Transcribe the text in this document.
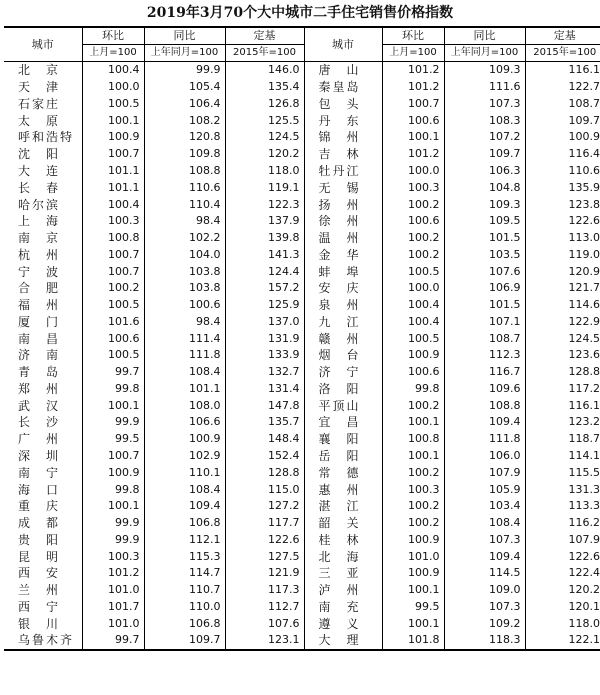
2019年3月70个大中城市二手住宅销售价格指数
城市	环比	同比	定基	城市	环比	同比	定基
	上月=100	上年同月=100	2015年=100		上月=100	上年同月=100	2015年=100
北　京	100.4	99.9	146.0	唐　山	101.2	109.3	116.1
天　津	100.0	105.4	135.4	秦皇岛	101.2	111.6	122.7
石家庄	100.5	106.4	126.8	包　头	100.7	107.3	108.7
太　原	100.1	108.2	125.5	丹　东	100.6	108.3	109.7
呼和浩特	100.9	120.8	124.5	锦　州	100.1	107.2	100.9
沈　阳	100.7	109.8	120.2	吉　林	101.2	109.7	116.4
大　连	101.1	108.8	118.0	牡丹江	100.0	106.3	110.6
长　春	101.1	110.6	119.1	无　锡	100.3	104.8	135.9
哈尔滨	100.4	110.4	122.3	扬　州	100.2	109.3	123.8
上　海	100.3	98.4	137.9	徐　州	100.6	109.5	122.6
南　京	100.8	102.2	139.8	温　州	100.2	101.5	113.0
杭　州	100.7	104.0	141.3	金　华	100.2	103.5	119.0
宁　波	100.7	103.8	124.4	蚌　埠	100.5	107.6	120.9
合　肥	100.2	103.8	157.2	安　庆	100.0	106.9	121.7
福　州	100.5	100.6	125.9	泉　州	100.4	101.5	114.6
厦　门	101.6	98.4	137.0	九　江	100.4	107.1	122.9
南　昌	100.6	111.4	131.9	赣　州	100.5	108.7	124.5
济　南	100.5	111.8	133.9	烟　台	100.9	112.3	123.6
青　岛	99.7	108.4	132.7	济　宁	100.6	116.7	128.8
郑　州	99.8	101.1	131.4	洛　阳	99.8	109.6	117.2
武　汉	100.1	108.0	147.8	平顶山	100.2	108.8	116.1
长　沙	99.9	106.6	135.7	宜　昌	100.1	109.4	123.2
广　州	99.5	100.9	148.4	襄　阳	100.8	111.8	118.7
深　圳	100.7	102.9	152.4	岳　阳	100.1	106.0	114.1
南　宁	100.9	110.1	128.8	常　德	100.2	107.9	115.5
海　口	99.8	108.4	115.0	惠　州	100.3	105.9	131.3
重　庆	100.1	109.4	127.2	湛　江	100.2	103.4	113.3
成　都	99.9	106.8	117.7	韶　关	100.2	108.4	116.2
贵　阳	99.9	112.1	122.6	桂　林	100.9	107.3	107.9
昆　明	100.3	115.3	127.5	北　海	101.0	109.4	122.6
西　安	101.2	114.7	121.9	三　亚	100.9	114.5	122.4
兰　州	101.0	110.7	117.3	泸　州	100.1	109.0	120.2
西　宁	101.7	110.0	112.7	南　充	99.5	107.3	120.1
银　川	101.0	106.8	107.6	遵　义	100.1	109.2	118.0
乌鲁木齐	99.7	109.7	123.1	大　理	101.8	118.3	122.1
